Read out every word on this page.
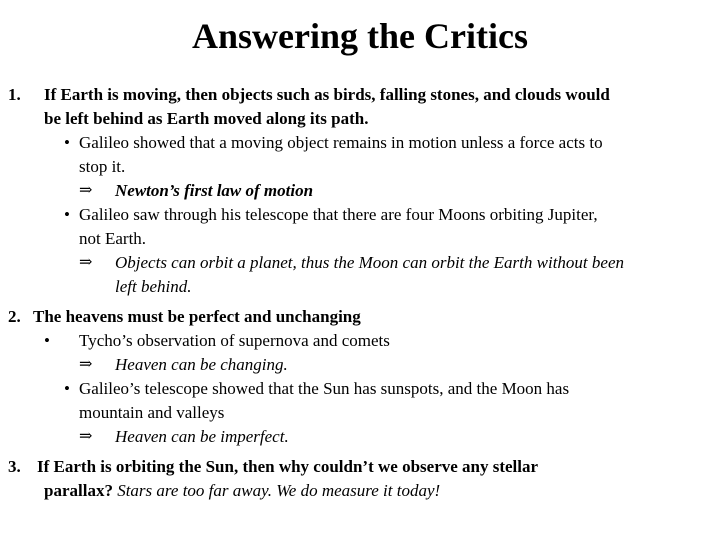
Answering the Critics
1. If Earth is moving, then objects such as birds, falling stones, and clouds would
be left behind as Earth moved along its path.
• Galileo showed that a moving object remains in motion unless a force acts to
stop it.
⇒ Newton’s first law of motion
• Galileo saw through his telescope that there are four Moons orbiting Jupiter,
not Earth.
⇒ Objects can orbit a planet, thus the Moon can orbit the Earth without been
left behind.
2. The heavens must be perfect and unchanging
• Tycho’s observation of supernova and comets
⇒ Heaven can be changing.
• Galileo’s telescope showed that the Sun has sunspots, and the Moon has
mountain and valleys
⇒ Heaven can be imperfect.
3. If Earth is orbiting the Sun, then why couldn’t we observe any stellar
parallax? Stars are too far away. We do measure it today!
